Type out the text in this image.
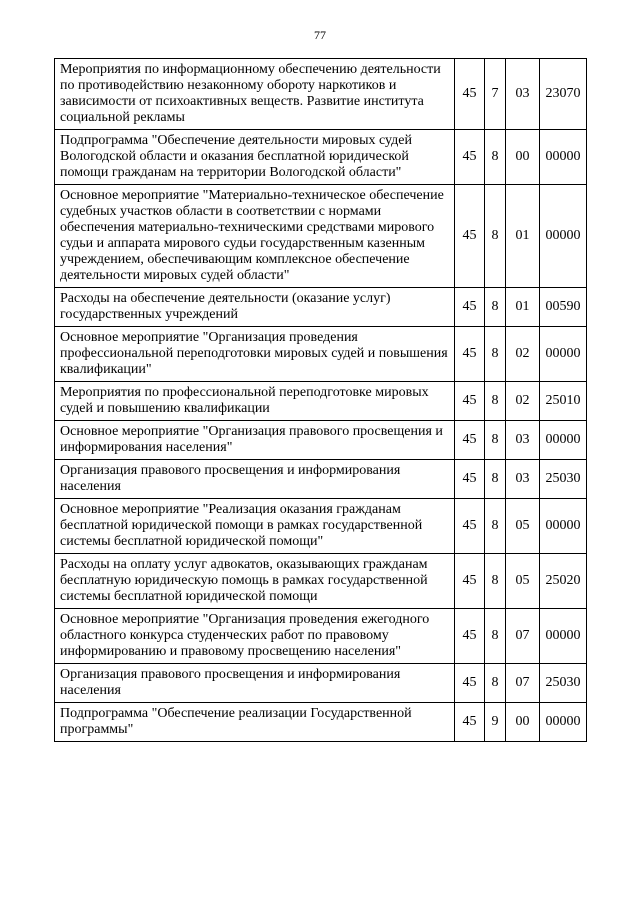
77
Мероприятия по информационному обеспечению деятельности по противодействию незаконному обороту наркотиков и зависимости от психоактивных веществ. Развитие института социальной рекламы	45	7	03	23070
Подпрограмма "Обеспечение деятельности мировых судей Вологодской области и оказания бесплатной юридической помощи гражданам на территории Вологодской области"	45	8	00	00000
Основное мероприятие "Материально-техническое обеспечение судебных участков области в соответствии с нормами обеспечения материально-техническими средствами мирового судьи и аппарата мирового судьи государственным казенным учреждением, обеспечивающим комплексное обеспечение деятельности мировых судей области"	45	8	01	00000
Расходы на обеспечение деятельности (оказание услуг) государственных учреждений	45	8	01	00590
Основное мероприятие "Организация проведения профессиональной переподготовки мировых судей и повышения квалификации"	45	8	02	00000
Мероприятия по профессиональной переподготовке мировых судей и повышению квалификации	45	8	02	25010
Основное мероприятие "Организация правового просвещения и информирования населения"	45	8	03	00000
Организация правового просвещения и информирования населения	45	8	03	25030
Основное мероприятие "Реализация оказания гражданам бесплатной юридической помощи в рамках государственной системы бесплатной юридической помощи"	45	8	05	00000
Расходы на оплату услуг адвокатов, оказывающих гражданам бесплатную юридическую помощь в рамках государственной системы бесплатной юридической помощи	45	8	05	25020
Основное мероприятие "Организация проведения ежегодного областного конкурса студенческих работ по правовому информированию и правовому просвещению населения"	45	8	07	00000
Организация правового просвещения и информирования населения	45	8	07	25030
Подпрограмма "Обеспечение реализации Государственной программы"	45	9	00	00000
